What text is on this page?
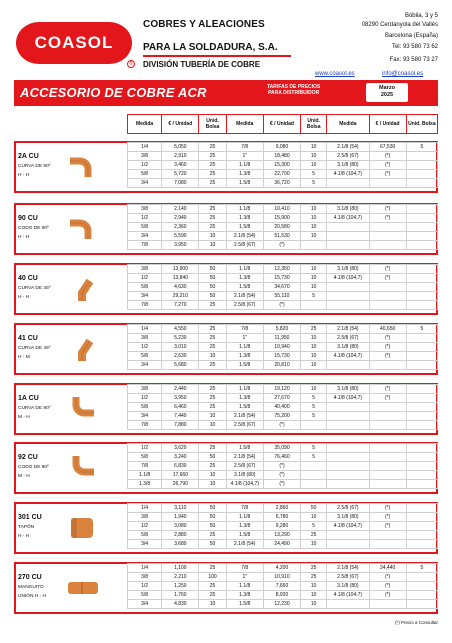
COASOL
®
COBRES Y ALEACIONES
PARA LA SOLDADURA, S.A.
DIVISIÓN TUBERÍA DE COBRE
Bóbila, 3 y 5
08290 Cerdanyola del Vallès
Barcelona (España)
Tel: 93 580 73 62
Fax: 93 580 73 27
www.coasol.es	info@coasol.es
ACCESORIO DE COBRE ACR	TARIFAS DE PRECIOS
PARA DISTRIBUIDOR
Marzo
2025
Medida	€ / Unidad	Unid. Bolsa	Medida	€ / Unidad	Unid. Bolsa	Medida	€ / Unidad	Unid. Bolsa
2A CU
CURVA DE 90º
H - H
1/4	5,050	25	7/8	9,080	10	2.1/8 (54)	67,530	5
3/8	2,910	25	1"	18,480	10	2.5/8 (67)	(*)	
1/2	3,460	25	1.1/8	15,300	10	3.1/8 (80)	(*)	
5/8	5,720	25	1.3/8	22,700	5	4.1/8 (104,7)	(*)	
3/4	7,080	25	1.5/8	36,720	5			
90 CU
CODO DE 90º
H - H
3/8	2,140	25	1.1/8	10,410	10	3.1/8 (80)	(*)	
1/2	2,940	25	1.3/8	15,900	10	4.1/8 (104,7)	(*)	
5/8	2,360	25	1.5/8	20,580	10			
3/4	5,590	10	2.1/8 (54)	51,530	10			
7/8	3,950	10	2.5/8 (67)	(*)				
40 CU
CURVA DE 45º
H - H
3/8	13,900	50	1.1/8	12,350	10	3.1/8 (80)	(*)	
1/2	13,840	50	1.3/8	15,730	10	4.1/8 (104,7)	(*)	
5/8	4,630	50	1.5/8	34,670	10			
3/4	29,210	50	2.1/8 (54)	55,110	5			
7/8	7,270	25	2.5/8 (67)	(*)				
41 CU
CURVA DE 45º
H - M
1/4	4,550	25	7/8	5,820	25	2.1/8 (54)	40,650	5
3/8	5,230	25	1"	11,950	10	2.5/8 (67)	(*)	
1/2	3,010	25	1.1/8	10,940	10	3.1/8 (80)	(*)	
5/8	2,630	10	1.3/8	15,730	10	4.1/8 (104,7)	(*)	
3/4	5,680	25	1.5/8	20,810	10			
1A CU
CURVA DE 90º
M - H
3/8	2,440	25	1.1/8	19,120	10	3.1/8 (80)	(*)	
1/2	3,950	25	1.3/8	27,670	5	4.1/8 (104,7)	(*)	
5/8	6,460	25	1.5/8	40,400	5			
3/4	7,440	10	2.1/8 (54)	75,200	5			
7/8	7,880	10	2.5/8 (67)	(*)				
92 CU
CODO DE 90º
M - H
1/2	3,620	25	1.5/8	35,090	5			
5/8	3,240	50	2.1/8 (54)	76,460	5			
7/8	6,830	25	2.5/8 (67)	(*)				
1.1/8	17,660	10	3.1/8 (80)	(*)				
1.3/8	26,790	10	4.1/8 (104,7)	(*)				
301 CU
TAPÓN
H - H
1/4	3,110	50	7/8	2,860	50	2.5/8 (67)	(*)	
3/8	1,940	50	1.1/8	6,780	10	3.1/8 (80)	(*)	
1/2	3,080	50	1.3/8	9,280	5	4.1/8 (104,7)	(*)	
5/8	2,880	25	1.5/8	13,290	25			
3/4	3,680	50	2.1/8 (54)	24,490	10			
270 CU
MANGUITO
UNIÓN H - H
1/4	1,100	25	7/8	4,200	25	2.1/8 (54)	24,440	5
3/8	2,210	100	1"	10,910	25	2.5/8 (67)	(*)	
1/2	1,250	25	1.1/8	7,660	10	3.1/8 (80)	(*)	
5/8	1,760	25	1.3/8	8,930	10	4.1/8 (104,7)	(*)	
3/4	4,830	10	1.5/8	12,230	10			
(*) Precio a Consultar
